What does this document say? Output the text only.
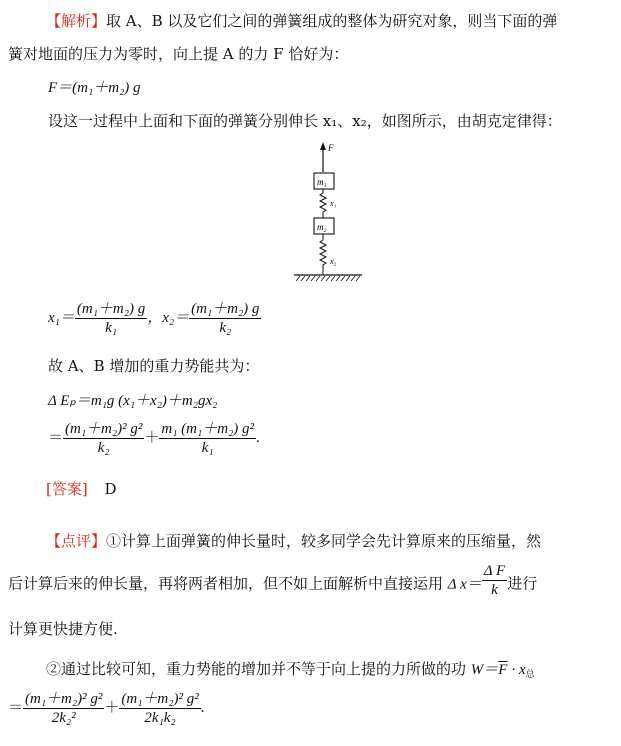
【解析】取 A、B 以及它们之间的弹簧组成的整体为研究对象，则当下面的弹
簧对地面的压力为零时，向上提 A 的力 F 恰好为：
F＝(m₁＋m₂) g
设这一过程中上面和下面的弹簧分别伸长 x₁、x₂，如图所示，由胡克定律得：
F
m₁
x₁
m₂
x₂
$x_1= \frac{\text{(m₁＋m₂) g}}{\text{k₁}}$ ，$x_2= \frac{\text{(m₁＋m₂) g}}{\text{k₂}}$
故 A、B 增加的重力势能共为：
Δ Eₚ＝m₁g (x₁＋x₂)＋m₂gx₂
＝ $\frac{\text{(m₁＋m₂)² g²}}{\text{k₂}} + \frac{\text{m₁ (m₁＋m₂) g²}}{\text{k₁}}$ .
[答案] D
【点评】①计算上面弹簧的伸长量时，较多同学会先计算原来的压缩量，然
后计算后来的伸长量，再将两者相加，但不如上面解析中直接运用 Δ $x= \frac{\text{Δ F}}{k}$ 进行
计算更快捷方便.
②通过比较可知，重力势能的增加并不等于向上提的力所做的功 $W=\overline{F} \cdot x_总$
＝ $\frac{\text{(m₁＋m₂)² g²}}{\text{2k₂²}} + \frac{\text{(m₁＋m₂)² g²}}{\text{2k₁k₂}}$ .
